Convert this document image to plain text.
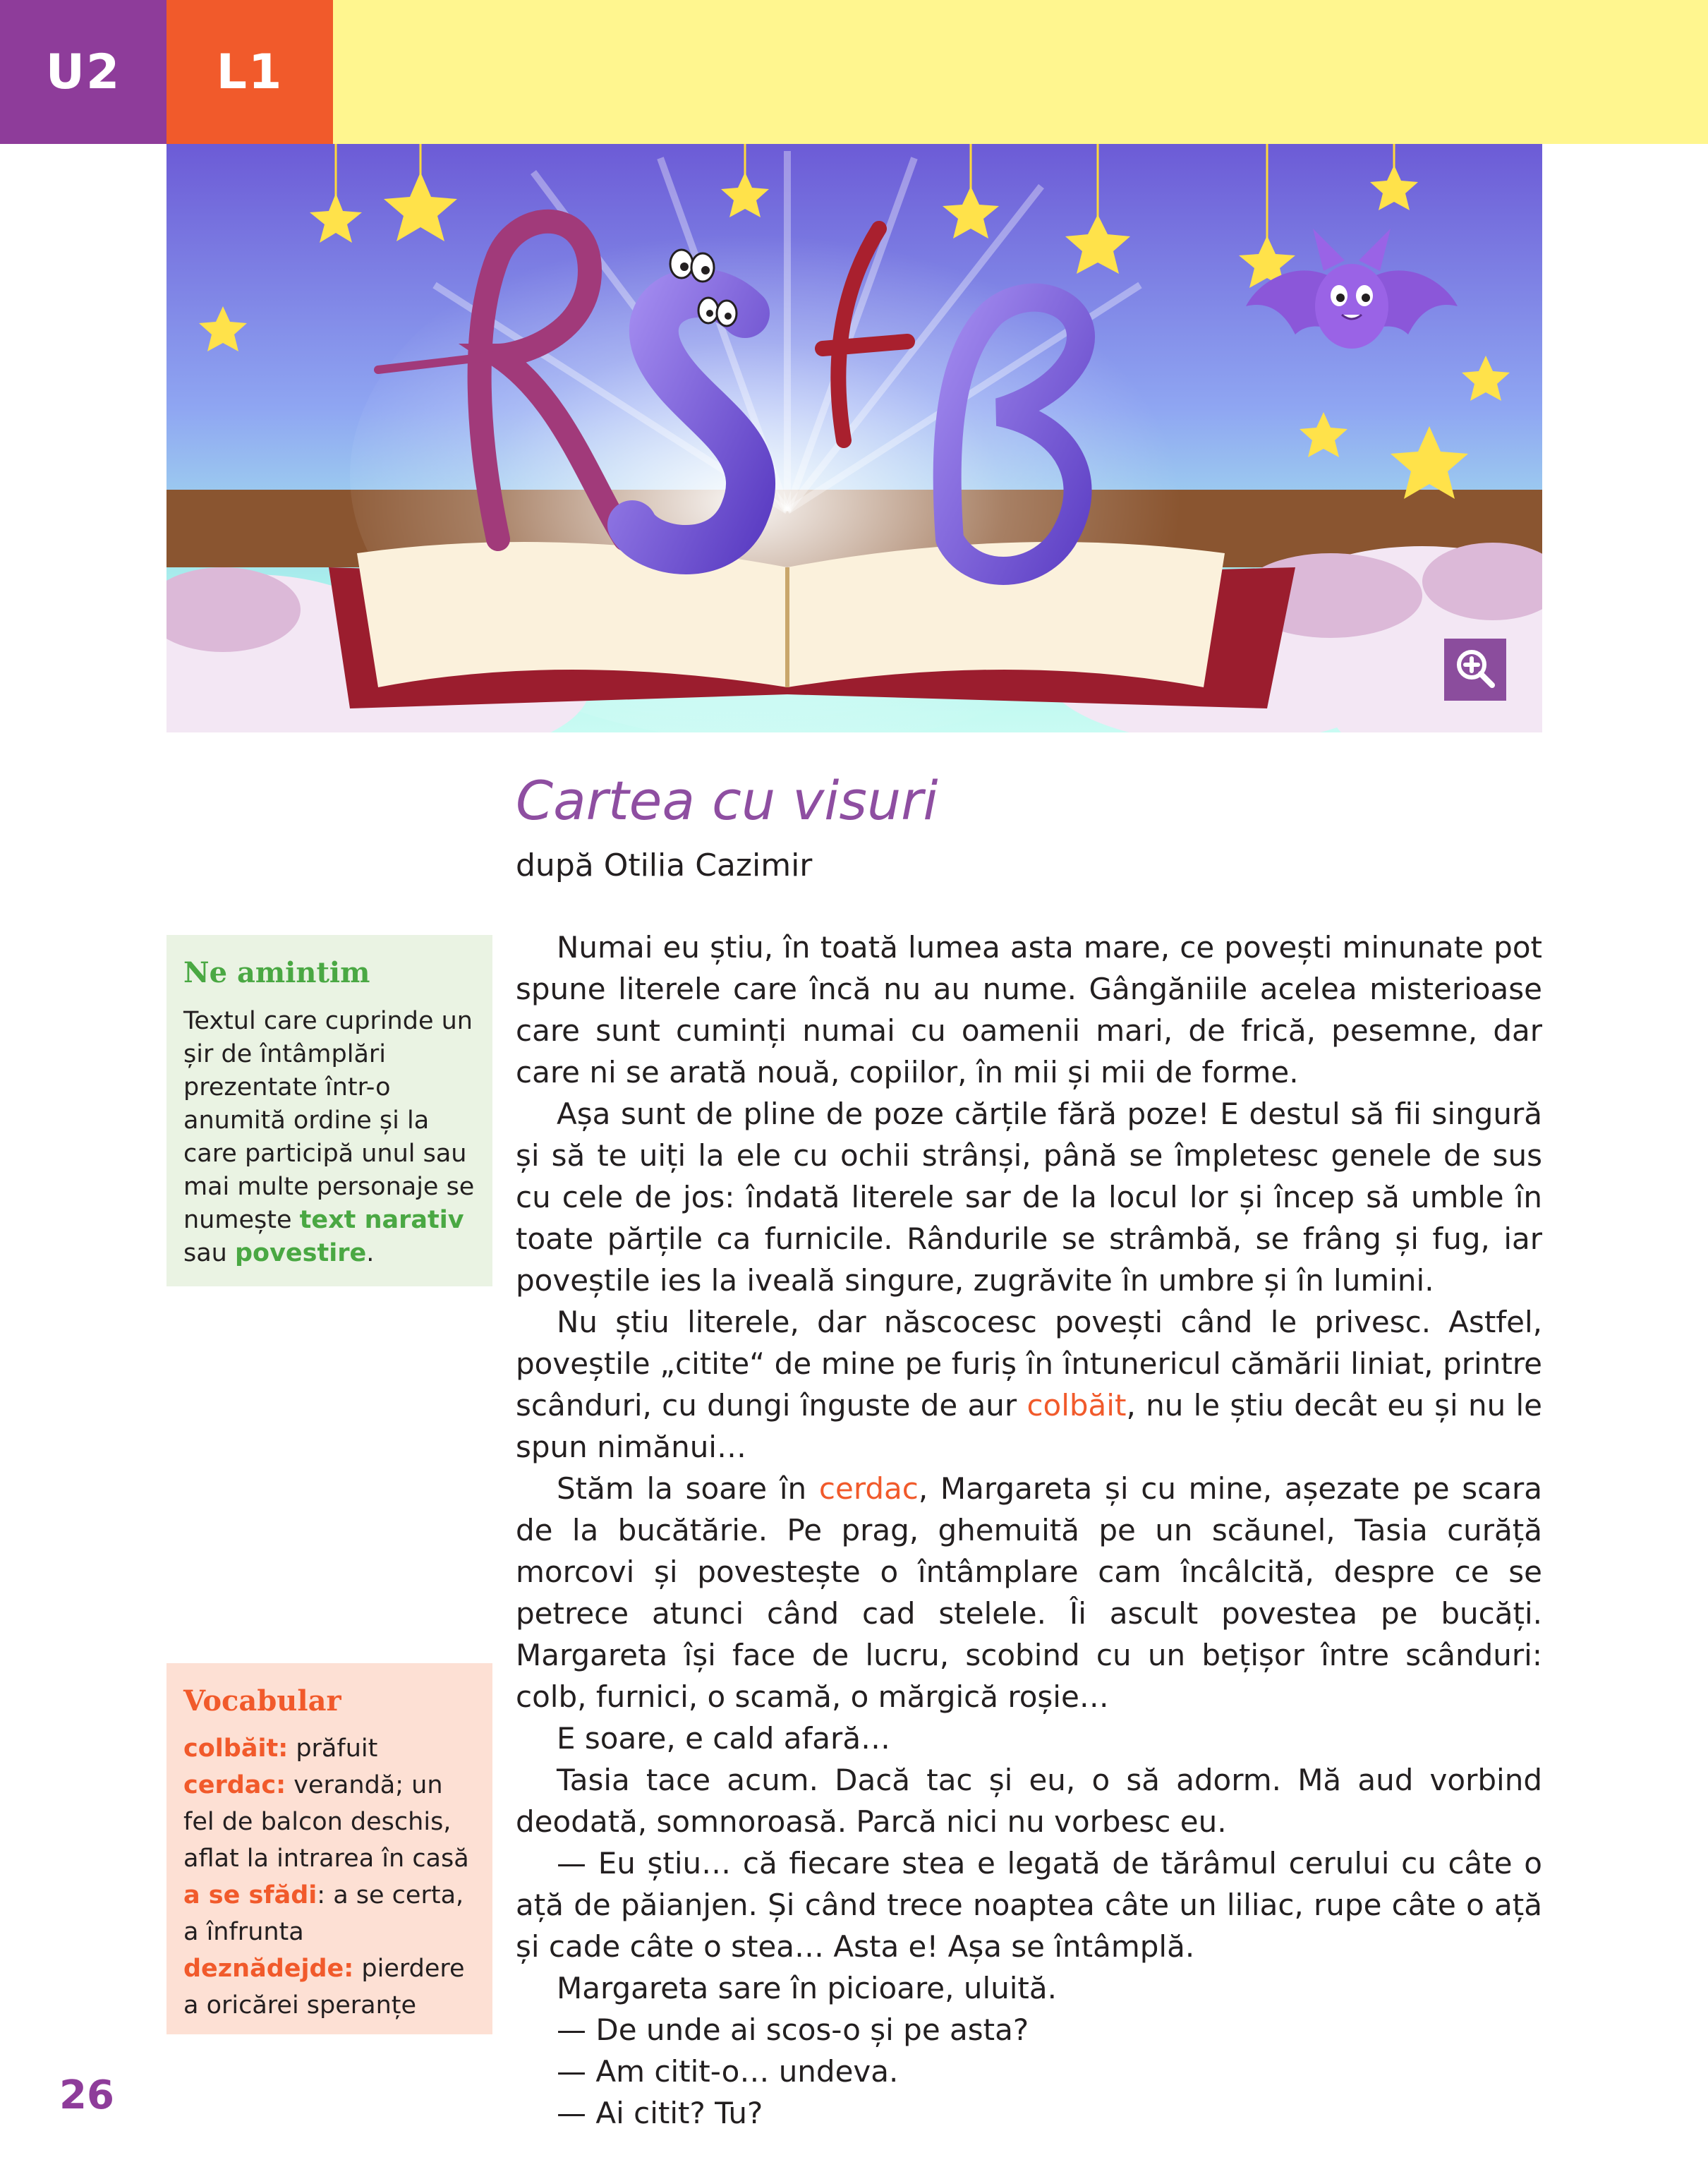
U2	L1
Cartea cu visuri
după Otilia Cazimir
Ne amintim
Textul care cuprinde un șir de întâmplări prezentate într-o anumită ordine și la care participă unul sau mai multe personaje se numește text narativ sau povestire.
Vocabular
colbăit: prăfuit
cerdac: verandă; un fel de balcon deschis, aflat la intrarea în casă
a se sfădi: a se certa, a înfrunta
deznădejde: pierdere a oricărei speranțe

Numai eu știu, în toată lumea asta mare, ce povești minunate pot spune literele care încă nu au nume. Gângăniile acelea misterioase care sunt cuminți numai cu oamenii mari, de frică, pesemne, dar care ni se arată nouă, copiilor, în mii și mii de forme.

Așa sunt de pline de poze cărțile fără poze! E destul să fii singură și să te uiți la ele cu ochii strânși, până se împletesc genele de sus cu cele de jos: îndată literele sar de la locul lor și încep să umble în toate părțile ca furnicile. Rândurile se strâmbă, se frâng și fug, iar poveștile ies la iveală singure, zugrăvite în umbre și în lumini.

Nu știu literele, dar născocesc povești când le privesc. Astfel, poveștile „citite“ de mine pe furiș în întunericul cămării liniat, printre scânduri, cu dungi înguste de aur colbăit, nu le știu decât eu și nu le spun nimănui…

Stăm la soare în cerdac, Margareta și cu mine, așezate pe scara de la bucătărie. Pe prag, ghemuită pe un scăunel, Tasia curăță morcovi și povestește o întâmplare cam încâlcită, despre ce se petrece atunci când cad stelele. Îi ascult povestea pe bucăți. Margareta își face de lucru, scobind cu un bețișor între scânduri: colb, furnici, o scamă, o mărgică roșie…

E soare, e cald afară…

Tasia tace acum. Dacă tac și eu, o să adorm. Mă aud vorbind deodată, somnoroasă. Parcă nici nu vorbesc eu.

— Eu știu… că fiecare stea e legată de tărâmul cerului cu câte o ață de păianjen. Și când trece noaptea câte un liliac, rupe câte o ață și cade câte o stea… Asta e! Așa se întâmplă.

Margareta sare în picioare, uluită.

— De unde ai scos-o și pe asta?

— Am citit-o… undeva.

— Ai citit? Tu?

26
